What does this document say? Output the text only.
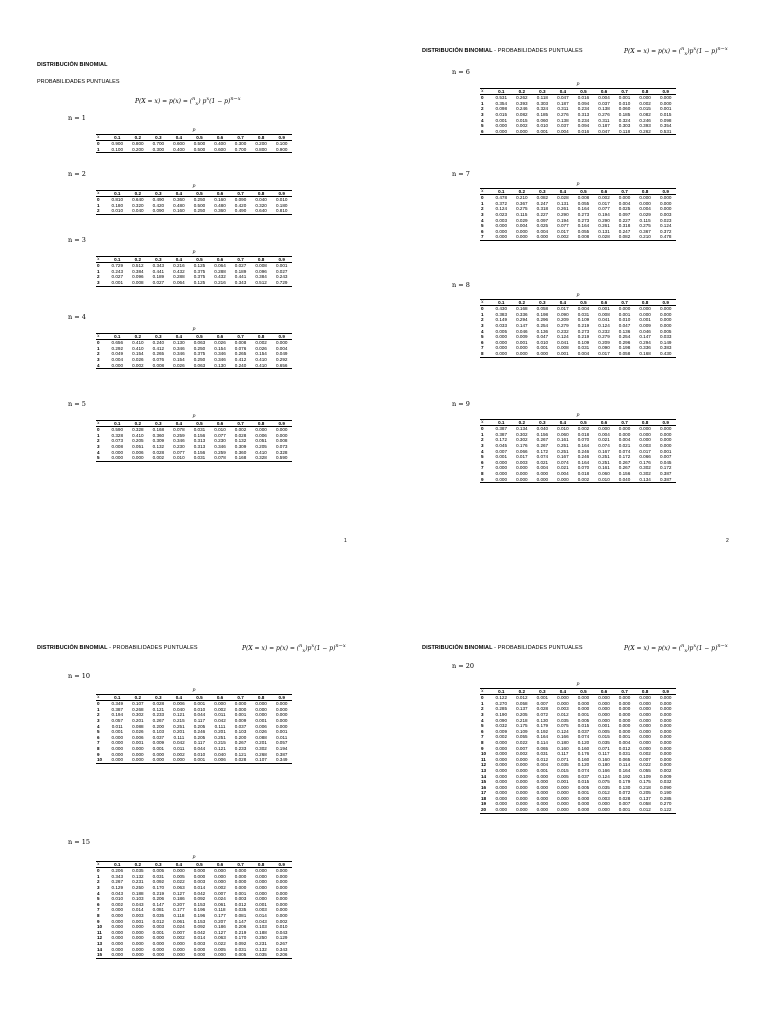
DISTRIBUCIÓN BINOMIAL
PROBABILIDADES PUNTUALES
P(X = x) = p(x) = ($^n_x$) $p^x(1 - p)^{n-x}$
n = 1
p									
x	0.1	0.2	0.3	0.4	0.5	0.6	0.7	0.8	0.9
0	0.900	0.800	0.700	0.600	0.500	0.400	0.300	0.200	0.100
1	0.100	0.200	0.300	0.400	0.500	0.600	0.700	0.800	0.900
n = 2
p									
x	0.1	0.2	0.3	0.4	0.5	0.6	0.7	0.8	0.9
0	0.810	0.640	0.490	0.360	0.250	0.160	0.090	0.040	0.010
1	0.180	0.320	0.420	0.480	0.500	0.480	0.420	0.320	0.180
2	0.010	0.040	0.090	0.160	0.250	0.360	0.490	0.640	0.810
n = 3
p									
x	0.1	0.2	0.3	0.4	0.5	0.6	0.7	0.8	0.9
0	0.729	0.512	0.343	0.216	0.125	0.064	0.027	0.008	0.001
1	0.243	0.384	0.441	0.432	0.375	0.288	0.189	0.096	0.027
2	0.027	0.096	0.189	0.288	0.375	0.432	0.441	0.384	0.243
3	0.001	0.008	0.027	0.064	0.125	0.216	0.343	0.512	0.729
n = 4
p									
x	0.1	0.2	0.3	0.4	0.5	0.6	0.7	0.8	0.9
0	0.656	0.410	0.240	0.130	0.063	0.026	0.008	0.002	0.000
1	0.292	0.410	0.412	0.346	0.250	0.154	0.076	0.026	0.004
2	0.049	0.154	0.265	0.346	0.375	0.346	0.265	0.154	0.049
3	0.004	0.026	0.076	0.154	0.250	0.346	0.412	0.410	0.292
4	0.000	0.002	0.008	0.026	0.063	0.130	0.240	0.410	0.656
n = 5
p									
x	0.1	0.2	0.3	0.4	0.5	0.6	0.7	0.8	0.9
0	0.590	0.328	0.168	0.078	0.031	0.010	0.002	0.000	0.000
1	0.328	0.410	0.360	0.259	0.156	0.077	0.028	0.006	0.000
2	0.073	0.205	0.309	0.346	0.313	0.230	0.132	0.051	0.008
3	0.008	0.051	0.132	0.230	0.313	0.346	0.309	0.205	0.073
4	0.000	0.006	0.028	0.077	0.156	0.259	0.360	0.410	0.328
5	0.000	0.000	0.002	0.010	0.031	0.078	0.168	0.328	0.590
1
DISTRIBUCIÓN BINOMIAL - PROBABILIDADES PUNTUALES	$P(X = x) = p(x) = (^n_x)p^x(1 - p)^{n-x}$
n = 6
p									
x	0.1	0.2	0.3	0.4	0.5	0.6	0.7	0.8	0.9
0	0.531	0.262	0.118	0.047	0.016	0.004	0.001	0.000	0.000
1	0.354	0.393	0.303	0.187	0.094	0.037	0.010	0.002	0.000
2	0.098	0.246	0.324	0.311	0.234	0.138	0.060	0.015	0.001
3	0.015	0.082	0.185	0.276	0.313	0.276	0.185	0.082	0.015
4	0.001	0.015	0.060	0.138	0.234	0.311	0.324	0.246	0.098
5	0.000	0.002	0.010	0.037	0.094	0.187	0.303	0.393	0.354
6	0.000	0.000	0.001	0.004	0.016	0.047	0.118	0.262	0.531
n = 7
p									
x	0.1	0.2	0.3	0.4	0.5	0.6	0.7	0.8	0.9
0	0.478	0.210	0.082	0.028	0.008	0.002	0.000	0.000	0.000
1	0.372	0.367	0.247	0.131	0.055	0.017	0.004	0.000	0.000
2	0.124	0.275	0.318	0.261	0.164	0.077	0.025	0.004	0.000
3	0.023	0.115	0.227	0.290	0.273	0.194	0.097	0.029	0.003
4	0.003	0.029	0.097	0.194	0.273	0.290	0.227	0.115	0.023
5	0.000	0.004	0.025	0.077	0.164	0.261	0.318	0.275	0.124
6	0.000	0.000	0.004	0.017	0.055	0.131	0.247	0.367	0.372
7	0.000	0.000	0.000	0.002	0.008	0.028	0.082	0.210	0.478
n = 8
p									
x	0.1	0.2	0.3	0.4	0.5	0.6	0.7	0.8	0.9
0	0.430	0.168	0.058	0.017	0.004	0.001	0.000	0.000	0.000
1	0.383	0.336	0.198	0.090	0.031	0.008	0.001	0.000	0.000
2	0.149	0.294	0.296	0.209	0.109	0.041	0.010	0.001	0.000
3	0.033	0.147	0.254	0.279	0.219	0.124	0.047	0.009	0.000
4	0.005	0.046	0.136	0.232	0.273	0.232	0.136	0.046	0.005
5	0.000	0.009	0.047	0.124	0.219	0.279	0.254	0.147	0.033
6	0.000	0.001	0.010	0.041	0.109	0.209	0.296	0.294	0.149
7	0.000	0.000	0.001	0.008	0.031	0.090	0.198	0.336	0.383
8	0.000	0.000	0.000	0.001	0.004	0.017	0.058	0.168	0.430
n = 9
p									
x	0.1	0.2	0.3	0.4	0.5	0.6	0.7	0.8	0.9
0	0.387	0.134	0.040	0.010	0.002	0.000	0.000	0.000	0.000
1	0.387	0.302	0.156	0.060	0.018	0.004	0.000	0.000	0.000
2	0.172	0.302	0.267	0.161	0.070	0.021	0.004	0.000	0.000
3	0.045	0.176	0.267	0.251	0.164	0.074	0.021	0.003	0.000
4	0.007	0.066	0.172	0.251	0.246	0.167	0.074	0.017	0.001
5	0.001	0.017	0.074	0.167	0.246	0.251	0.172	0.066	0.007
6	0.000	0.003	0.021	0.074	0.164	0.251	0.267	0.176	0.045
7	0.000	0.000	0.004	0.021	0.070	0.161	0.267	0.302	0.172
8	0.000	0.000	0.000	0.004	0.018	0.060	0.156	0.302	0.387
9	0.000	0.000	0.000	0.000	0.002	0.010	0.040	0.134	0.387
2
DISTRIBUCIÓN BINOMIAL - PROBABILIDADES PUNTUALES	$P(X = x) = p(x) = (^n_x)p^x(1 - p)^{n-x}$
n = 10
p									
x	0.1	0.2	0.3	0.4	0.5	0.6	0.7	0.8	0.9
0	0.349	0.107	0.028	0.006	0.001	0.000	0.000	0.000	0.000
1	0.387	0.268	0.121	0.040	0.010	0.002	0.000	0.000	0.000
2	0.194	0.302	0.233	0.121	0.044	0.011	0.001	0.000	0.000
3	0.057	0.201	0.267	0.215	0.117	0.042	0.009	0.001	0.000
4	0.011	0.088	0.200	0.251	0.205	0.111	0.037	0.006	0.000
5	0.001	0.026	0.103	0.201	0.246	0.201	0.103	0.026	0.001
6	0.000	0.006	0.037	0.111	0.205	0.251	0.200	0.088	0.011
7	0.000	0.001	0.009	0.042	0.117	0.215	0.267	0.201	0.057
8	0.000	0.000	0.001	0.011	0.044	0.121	0.233	0.302	0.194
9	0.000	0.000	0.000	0.002	0.010	0.040	0.121	0.268	0.387
10	0.000	0.000	0.000	0.000	0.001	0.006	0.028	0.107	0.349
n = 15
p									
x	0.1	0.2	0.3	0.4	0.5	0.6	0.7	0.8	0.9
0	0.206	0.035	0.005	0.000	0.000	0.000	0.000	0.000	0.000
1	0.343	0.132	0.031	0.005	0.000	0.000	0.000	0.000	0.000
2	0.267	0.231	0.092	0.022	0.003	0.000	0.000	0.000	0.000
3	0.129	0.250	0.170	0.063	0.014	0.002	0.000	0.000	0.000
4	0.043	0.188	0.219	0.127	0.042	0.007	0.001	0.000	0.000
5	0.010	0.103	0.206	0.186	0.092	0.024	0.003	0.000	0.000
6	0.002	0.043	0.147	0.207	0.153	0.061	0.012	0.001	0.000
7	0.000	0.014	0.081	0.177	0.196	0.118	0.035	0.003	0.000
8	0.000	0.003	0.035	0.118	0.196	0.177	0.081	0.014	0.000
9	0.000	0.001	0.012	0.061	0.153	0.207	0.147	0.043	0.002
10	0.000	0.000	0.003	0.024	0.092	0.186	0.206	0.103	0.010
11	0.000	0.000	0.001	0.007	0.042	0.127	0.219	0.188	0.043
12	0.000	0.000	0.000	0.002	0.014	0.063	0.170	0.250	0.129
13	0.000	0.000	0.000	0.000	0.003	0.022	0.092	0.231	0.267
14	0.000	0.000	0.000	0.000	0.000	0.005	0.031	0.132	0.343
15	0.000	0.000	0.000	0.000	0.000	0.000	0.005	0.035	0.206
DISTRIBUCIÓN BINOMIAL - PROBABILIDADES PUNTUALES	$P(X = x) = p(x) = (^n_x)p^x(1 - p)^{n-x}$
n = 20
p									
x	0.1	0.2	0.3	0.4	0.5	0.6	0.7	0.8	0.9
0	0.122	0.012	0.001	0.000	0.000	0.000	0.000	0.000	0.000
1	0.270	0.058	0.007	0.000	0.000	0.000	0.000	0.000	0.000
2	0.285	0.137	0.028	0.003	0.000	0.000	0.000	0.000	0.000
3	0.190	0.205	0.072	0.012	0.001	0.000	0.000	0.000	0.000
4	0.090	0.218	0.130	0.035	0.005	0.000	0.000	0.000	0.000
5	0.032	0.175	0.179	0.075	0.015	0.001	0.000	0.000	0.000
6	0.009	0.109	0.192	0.124	0.037	0.005	0.000	0.000	0.000
7	0.002	0.055	0.164	0.166	0.074	0.015	0.001	0.000	0.000
8	0.000	0.022	0.114	0.180	0.120	0.035	0.004	0.000	0.000
9	0.000	0.007	0.065	0.160	0.160	0.071	0.012	0.000	0.000
10	0.000	0.002	0.031	0.117	0.176	0.117	0.031	0.002	0.000
11	0.000	0.000	0.012	0.071	0.160	0.160	0.065	0.007	0.000
12	0.000	0.000	0.004	0.035	0.120	0.180	0.114	0.022	0.000
13	0.000	0.000	0.001	0.015	0.074	0.166	0.164	0.055	0.002
14	0.000	0.000	0.000	0.005	0.037	0.124	0.192	0.109	0.009
15	0.000	0.000	0.000	0.001	0.015	0.075	0.179	0.175	0.032
16	0.000	0.000	0.000	0.000	0.005	0.035	0.130	0.218	0.090
17	0.000	0.000	0.000	0.000	0.001	0.012	0.072	0.205	0.190
18	0.000	0.000	0.000	0.000	0.000	0.003	0.028	0.137	0.285
19	0.000	0.000	0.000	0.000	0.000	0.000	0.007	0.058	0.270
20	0.000	0.000	0.000	0.000	0.000	0.000	0.001	0.012	0.122
